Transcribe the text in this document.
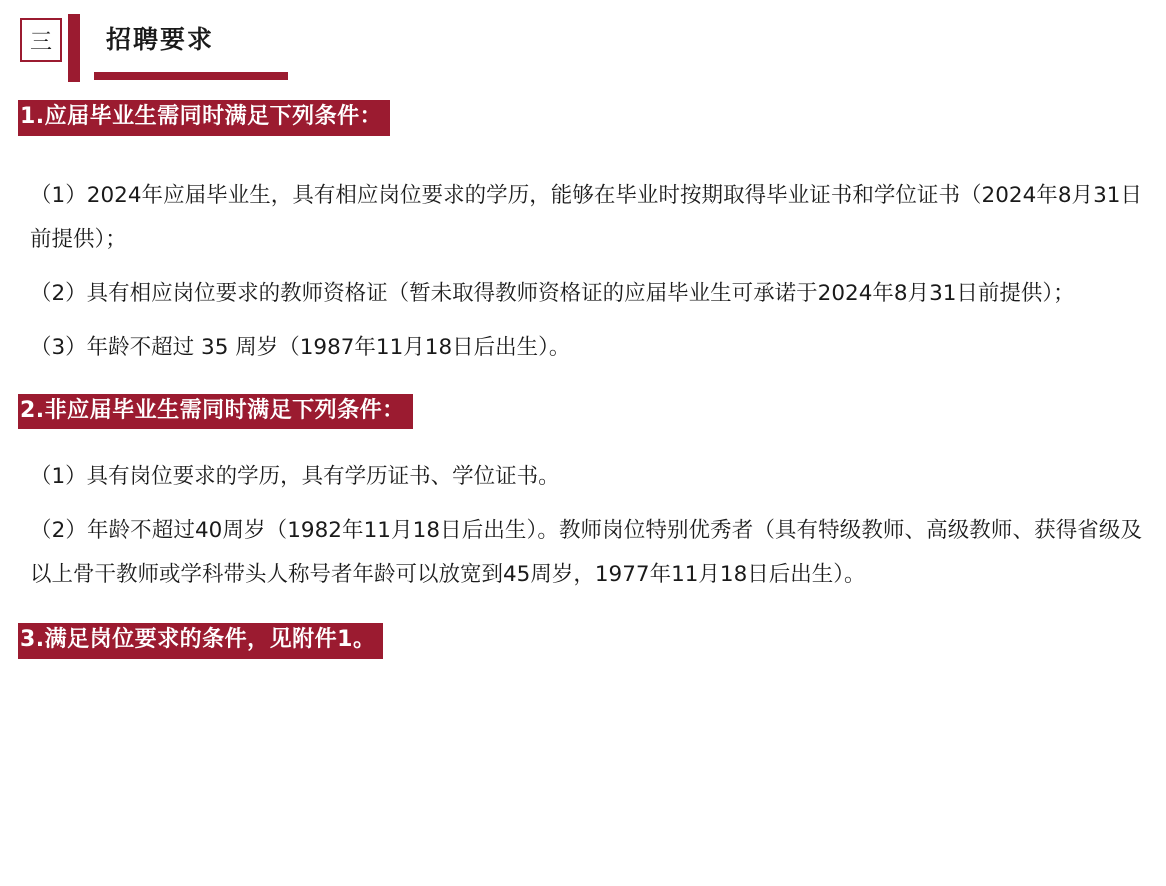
三	招聘要求
1.应届毕业生需同时满足下列条件：

（1）2024年应届毕业生，具有相应岗位要求的学历，能够在毕业时按期取得毕业证书和学位证书（2024年8月31日前提供）；

（2）具有相应岗位要求的教师资格证（暂未取得教师资格证的应届毕业生可承诺于2024年8月31日前提供）；

（3）年龄不超过 35 周岁（1987年11月18日后出生）。

2.非应届毕业生需同时满足下列条件：

（1）具有岗位要求的学历，具有学历证书、学位证书。

（2）年龄不超过40周岁（1982年11月18日后出生）。教师岗位特别优秀者（具有特级教师、高级教师、获得省级及以上骨干教师或学科带头人称号者年龄可以放宽到45周岁，1977年11月18日后出生）。

3.满足岗位要求的条件，见附件1。
